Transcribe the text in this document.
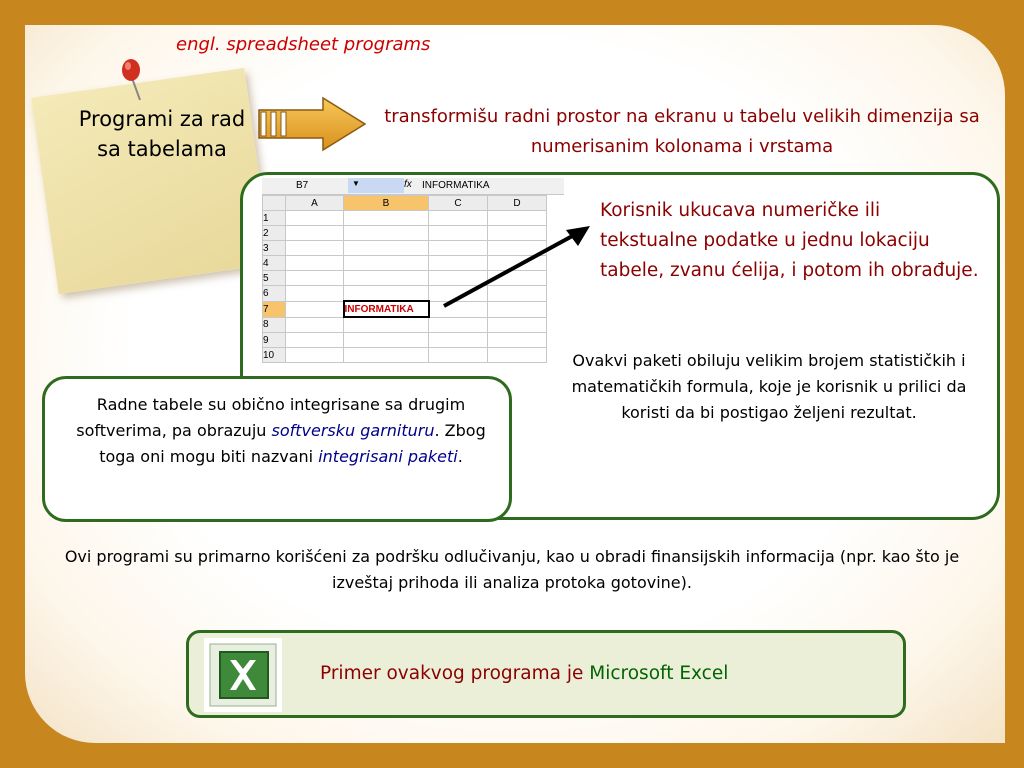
Programi za rad sa tabelama
engl. spreadsheet programs
transformišu radni prostor na ekranu u tabelu velikih dimenzija sa numerisanim kolonama i vrstama
B7	▼	fx INFORMATIKA
	A	B	C	D
1				
2				
3				
4				
5				
6				
7		INFORMATIKA		
8				
9				
10				
Korisnik ukucava numeričke ili tekstualne podatke u jednu lokaciju tabele, zvanu ćelija, i potom ih obrađuje.
Ovakvi paketi obiluju velikim brojem statističkih i matematičkih formula, koje je korisnik u prilici da koristi da bi postigao željeni rezultat.
Radne tabele su obično integrisane sa drugim softverima, pa obrazuju softversku garnituru. Zbog toga oni mogu biti nazvani integrisani paketi.
Ovi programi su primarno korišćeni za podršku odlučivanju, kao u obradi finansijskih informacija (npr. kao što je izveštaj prihoda ili analiza protoka gotovine).
Primer ovakvog programa je Microsoft Excel
